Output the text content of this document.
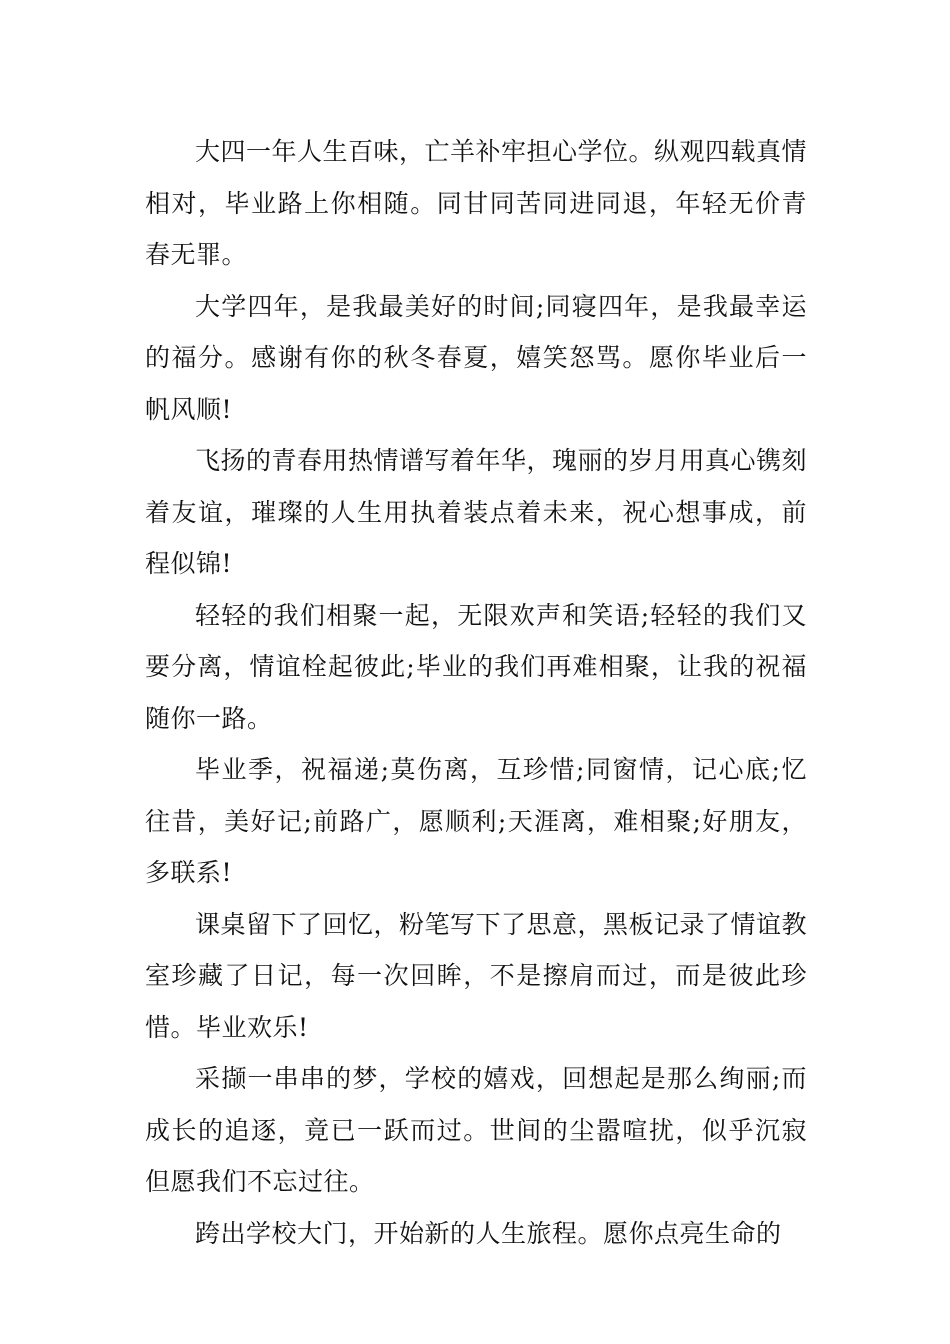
大四一年人生百味，亡羊补牢担心学位。纵观四载真情相对，毕业路上你相随。同甘同苦同进同退，年轻无价青春无罪。

大学四年，是我最美好的时间;同寝四年，是我最幸运的福分。感谢有你的秋冬春夏，嬉笑怒骂。愿你毕业后一帆风顺!

飞扬的青春用热情谱写着年华，瑰丽的岁月用真心镌刻着友谊，璀璨的人生用执着装点着未来，祝心想事成，前程似锦!

轻轻的我们相聚一起，无限欢声和笑语;轻轻的我们又要分离，情谊栓起彼此;毕业的我们再难相聚，让我的祝福随你一路。

毕业季，祝福递;莫伤离，互珍惜;同窗情，记心底;忆往昔，美好记;前路广，愿顺利;天涯离，难相聚;好朋友，多联系!

课桌留下了回忆，粉笔写下了思意，黑板记录了情谊教室珍藏了日记，每一次回眸，不是擦肩而过，而是彼此珍惜。毕业欢乐!

采撷一串串的梦，学校的嬉戏，回想起是那么绚丽;而成长的追逐，竟已一跃而过。世间的尘嚣喧扰，似乎沉寂但愿我们不忘过往。

跨出学校大门，开始新的人生旅程。愿你点亮生命的
